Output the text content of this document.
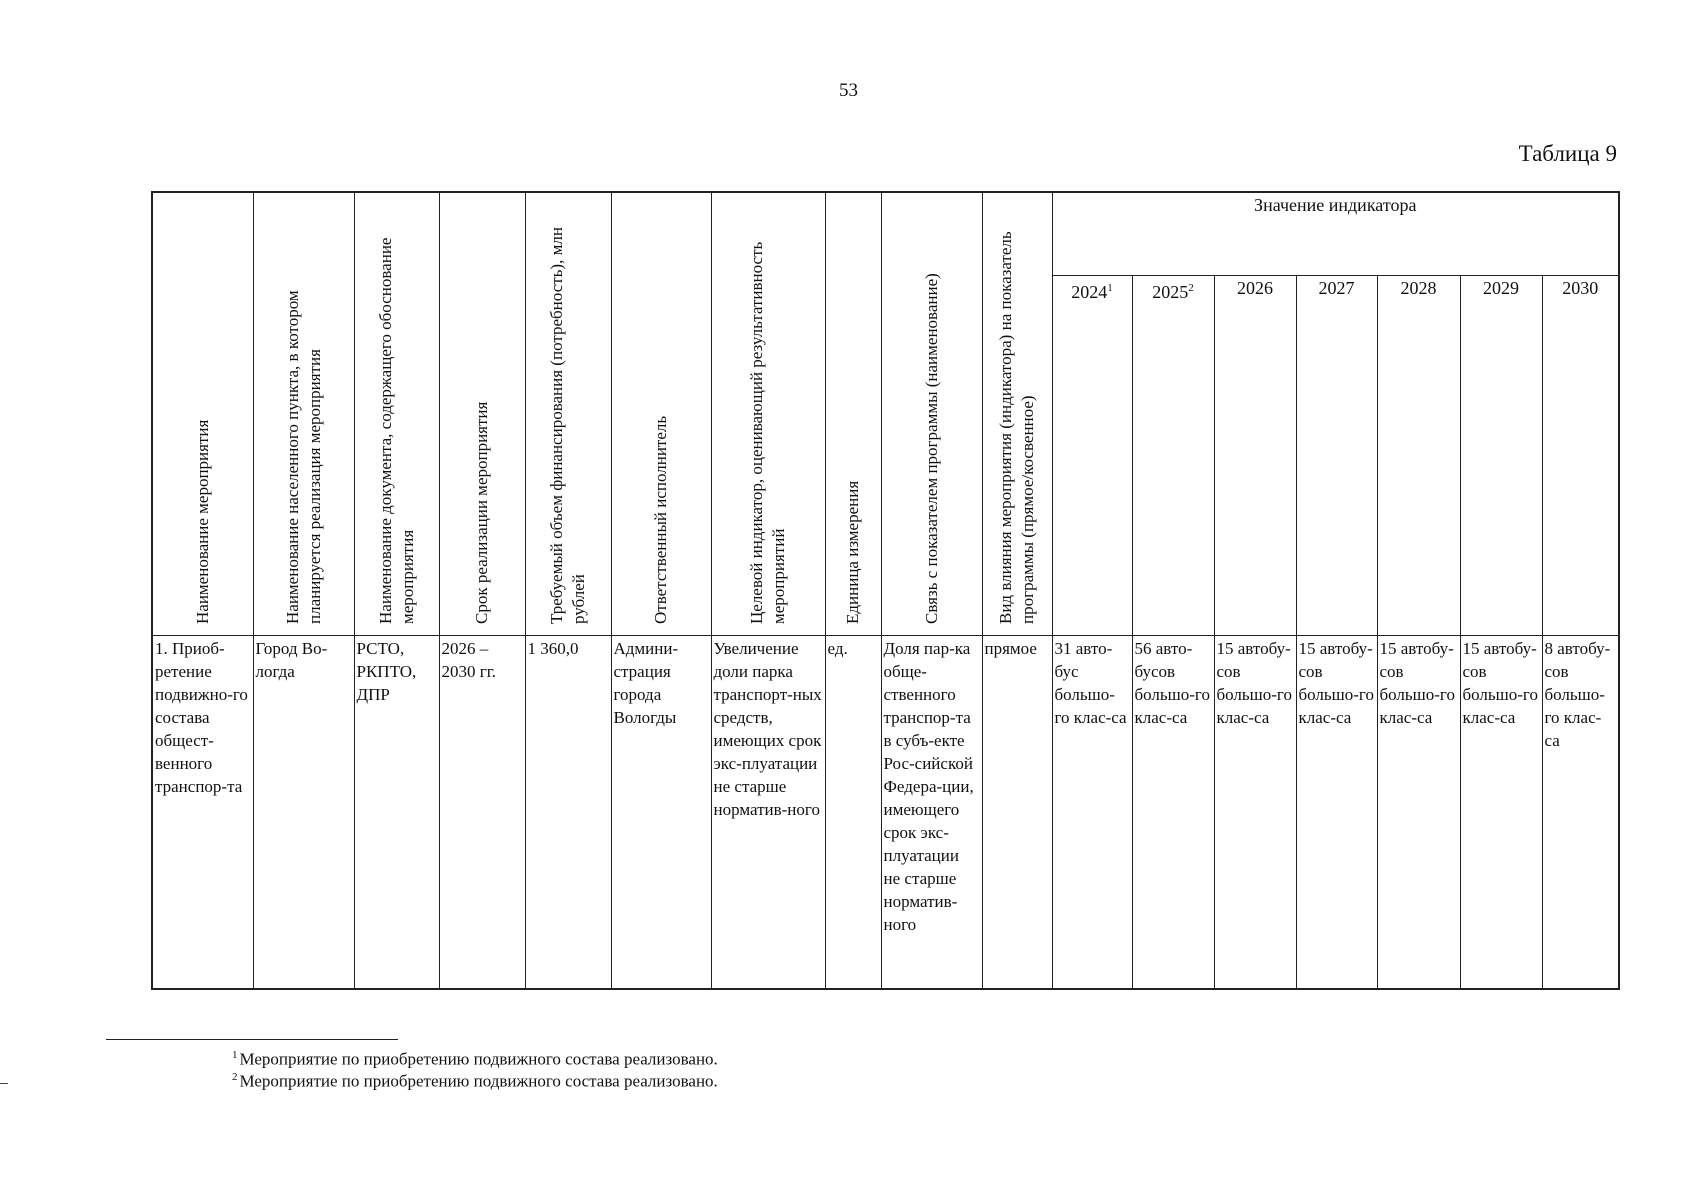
53
Таблица 9
Наименование мероприятия	Наименование населенного пункта, в котором планируется реализация мероприятия	Наименование документа, содержащего обоснование мероприятия	Срок реализации мероприятия	Требуемый объем финансирования (потребность), млн рублей	Ответственный исполнитель	Целевой индикатор, оценивающий результативность мероприятий	Единица измерения	Связь с показателем программы (наименование)	Вид влияния мероприятия (индикатора) на показатель программы (прямое/косвенное)	Значение индикатора						
										2024$^1$	2025$^2$	2026	2027	2028	2029	2030
1. Приоб-ретение подвижно-го состава общест-венного транспор-та	Город Во-логда	РСТО, РКПТО, ДПР	2026 – 2030 гг.	1 360,0	Админи-страция города Вологды	Увеличение доли парка транспорт-ных средств, имеющих срок экс-плуатации не старше норматив-ного	ед.	Доля пар-ка обще-ственного транспор-та в субъ-екте Рос-сийской Федера-ции, имеющего срок экс-плуатации не старше норматив-ного	прямое	31 авто-бус большо-го клас-са	56 авто-бусов большо-го клас-са	15 автобу-сов большо-го клас-са	15 автобу-сов большо-го клас-са	15 автобу-сов большо-го клас-са	15 автобу-сов большо-го клас-са	8 автобу-сов большо-го клас-са
$^1$ Мероприятие по приобретению подвижного состава реализовано.
$^2$ Мероприятие по приобретению подвижного состава реализовано.
